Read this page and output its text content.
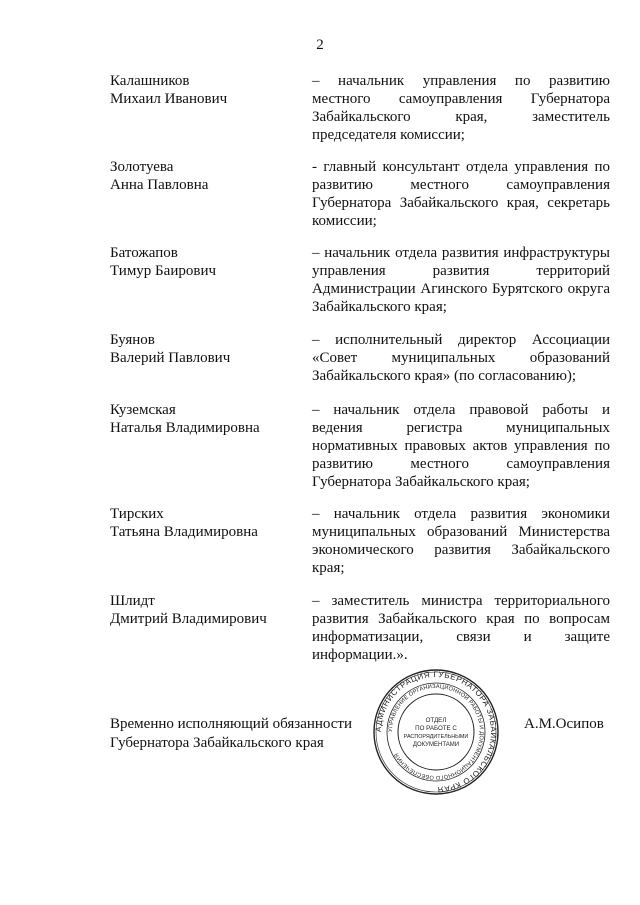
2
Калашников
Михаил Иванович
– начальник управления по развитию местного самоуправления Губернатора Забайкальского края, заместитель председателя комиссии;
Золотуева
Анна Павловна
- главный консультант отдела управления по развитию местного самоуправления Губернатора Забайкальского края, секретарь комиссии;
Батожапов
Тимур Баирович
– начальник отдела развития инфраструктуры управления развития территорий Администрации Агинского Бурятского округа Забайкальского края;
Буянов
Валерий Павлович
– исполнительный директор Ассоциации «Совет муниципальных образований Забайкальского края» (по согласованию);
Куземская
Наталья Владимировна
– начальник отдела правовой работы и ведения регистра муниципальных нормативных правовых актов управления по развитию местного самоуправления Губернатора Забайкальского края;
Тирских
Татьяна Владимировна
– начальник отдела развития экономики муниципальных образований Министерства экономического развития Забайкальского края;
Шлидт
Дмитрий Владимирович
– заместитель министра территориального развития Забайкальского края по вопросам информатизации, связи и защите информации.».
Временно исполняющий обязанности
Губернатора Забайкальского края
АДМИНИСТРАЦИЯ ГУБЕРНАТОРА ЗАБАЙКАЛЬСКОГО КРАЯ
УПРАВЛЕНИЕ ОРГАНИЗАЦИОННОЙ РАБОТЫ И ДОКУМЕНТАЦИОННОГО ОБЕСПЕЧЕНИЯ
ОТДЕЛ
ПО РАБОТЕ С
РАСПОРЯДИТЕЛЬНЫМИ
ДОКУМЕНТАМИ
А.М.Осипов
